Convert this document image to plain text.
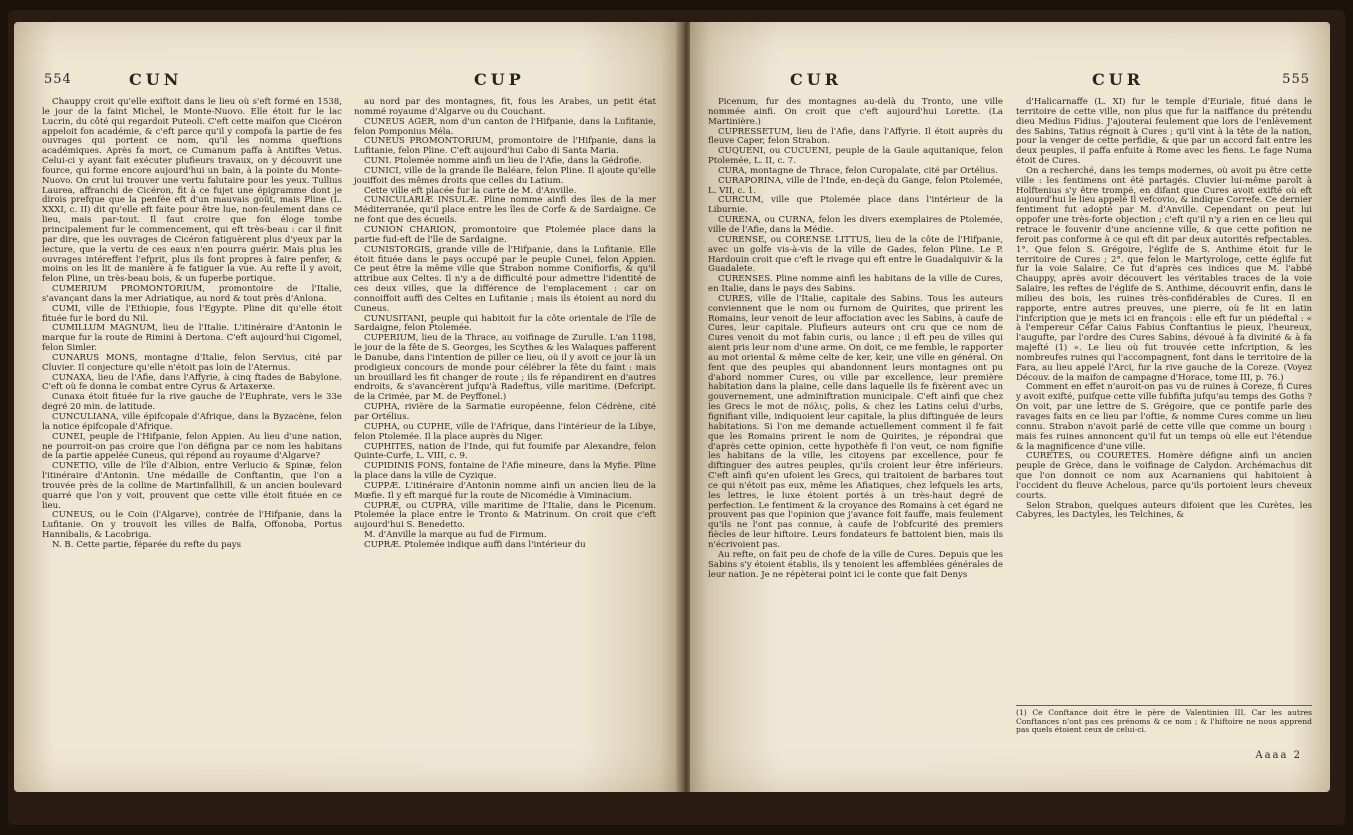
554	CUN	CUP

Chauppy croit qu'elle exiftoit dans le lieu où s'eft formé en 1538, le jour de la faint Michel, le Monte-Nuovo. Elle étoit fur le lac Lucrin, du côté qui regardoit Puteoli. C'eft cette maifon que Cicéron appeloit fon académie, & c'eft parce qu'il y compofa la partie de fes ouvrages qui portent ce nom, qu'il les nomma queftions académiques. Après fa mort, ce Cumanum paffa à Antiftes Vetus. Celui-ci y ayant fait exécuter plufieurs travaux, on y découvrit une fource, qui forme encore aujourd'hui un bain, à la pointe du Monte-Nuovo. On crut lui trouver une vertu falutaire pour les yeux. Tullius Laurea, affranchi de Cicéron, fit à ce fujet une épigramme dont je dirois prefque que la penfée eft d'un mauvais goût, mais Pline (L. XXXI, c. II) dit qu'elle eft faite pour être lue, non-feulement dans ce lieu, mais par-tout. Il faut croire que fon éloge tombe principalement fur le commencement, qui eft très-beau : car il finit par dire, que les ouvrages de Cicéron fatiguèrent plus d'yeux par la lecture, que la vertu de ces eaux n'en pourra guérir. Mais plus les ouvrages intéreffent l'efprit, plus ils font propres à faire penfer, & moins on les lit de manière à fe fatiguer la vue. Au refte il y avoit, felon Pline, un très-beau bois, & un fuperbe portique.

CUMERIUM PROMONTORIUM, promontoire de l'Italie, s'avançant dans la mer Adriatique, au nord & tout près d'Anlona.

CUMI, ville de l'Ethiopie, fous l'Egypte. Pline dit qu'elle étoit fituée fur le bord du Nil.

CUMILLUM MAGNUM, lieu de l'Italie. L'itinéraire d'Antonin le marque fur la route de Rimini à Dertona. C'eft aujourd'hui Cigomel, felon Simler.

CUNARUS MONS, montagne d'Italie, felon Servius, cité par Cluvier. Il conjecture qu'elle n'étoit pas loin de l'Aternus.

CUNAXA, lieu de l'Afie, dans l'Affyrie, à cinq ftades de Babylone. C'eft où fe donna le combat entre Cyrus & Artaxerxe.

Cunaxa étoit fituée fur la rive gauche de l'Euphrate, vers le 33e degré 20 min. de latitude.

CUNCULIANA, ville épifcopale d'Afrique, dans la Byzacène, felon la notice épifcopale d'Afrique.

CUNEI, peuple de l'Hifpanie, felon Appien. Au lieu d'une nation, ne pourroit-on pas croire que l'on défigna par ce nom les habitans de la partie appelée Cuneus, qui répond au royaume d'Algarve?

CUNETIO, ville de l'île d'Albion, entre Verlucio & Spinæ, felon l'itinéraire d'Antonin. Une médaille de Conftantin, que l'on a trouvée près de la colline de Martinfallhill, & un ancien boulevard quarré que l'on y voit, prouvent que cette ville étoit fituée en ce lieu.

CUNEUS, ou le Coin (l'Algarve), contrée de l'Hifpanie, dans la Lufitanie. On y trouvoit les villes de Balfa, Offonoba, Portus Hannibalis, & Lacobriga.

N. B. Cette partie, féparée du refte du pays

au nord par des montagnes, fit, fous les Arabes, un petit état nommé royaume d'Algarve ou du Couchant.

CUNEUS AGER, nom d'un canton de l'Hifpanie, dans la Lufitanie, felon Pomponius Méla.

CUNEUS PROMONTORIUM, promontoire de l'Hifpanie, dans la Lufitanie, felon Pline. C'eft aujourd'hui Cabo di Santa Maria.

CUNI. Ptolemée nomme ainfi un lieu de l'Afie, dans la Gédrofie.

CUNICI, ville de la grande île Baléare, felon Pline. Il ajoute qu'elle jouiffoit des mêmes droits que celles du Latium.

Cette ville eft placée fur la carte de M. d'Anville.

CUNICULARIÆ INSULÆ. Pline nomme ainfi des îles de la mer Méditerranée, qu'il place entre les îles de Corfe & de Sardaigne. Ce ne font que des écueils.

CUNION CHARION, promontoire que Ptolemée place dans la partie fud-eft de l'île de Sardaigne.

CUNISTORGIS, grande ville de l'Hifpanie, dans la Lufitanie. Elle étoit fituée dans le pays occupé par le peuple Cunei, felon Appien. Ce peut être la même ville que Strabon nomme Conifiorfis, & qu'il attribue aux Celtes. Il n'y a de difficulté pour admettre l'identité de ces deux villes, que la différence de l'emplacement : car on connoiffoit auffi des Celtes en Lufitanie ; mais ils étoient au nord du Cuneus.

CUNUSITANI, peuple qui habitoit fur la côte orientale de l'île de Sardaigne, felon Ptolemée.

CUPERIUM, lieu de la Thrace, au voifinage de Zurulle. L'an 1198, le jour de la fête de S. Georges, les Scythes & les Walaques pafferent le Danube, dans l'intention de piller ce lieu, où il y avoit ce jour là un prodigieux concours de monde pour célébrer la fête du faint : mais un brouillard les fit changer de route ; ils fe répandirent en d'autres endroits, & s'avancèrent jufqu'à Radeftus, ville maritime. (Defcript. de la Crimée, par M. de Peyffonel.)

CUPHA, rivière de la Sarmatie européenne, felon Cédrène, cité par Ortélius.

CUPHA, ou CUPHE, ville de l'Afrique, dans l'intérieur de la Libye, felon Ptolemée. Il la place auprès du Niger.

CUPHITES, nation de l'Inde, qui fut foumife par Alexandre, felon Quinte-Curfe, L. VIII, c. 9.

CUPIDINIS FONS, fontaine de l'Afie mineure, dans la Myfie. Pline la place dans la ville de Cyzique.

CUPPÆ. L'itinéraire d'Antonin nomme ainfi un ancien lieu de la Mœfie. Il y eft marqué fur la route de Nicomédie à Viminacium.

CUPRÆ, ou CUPRA, ville maritime de l'Italie, dans le Picenum. Ptolemée la place entre le Tronto & Matrinum. On croit que c'eft aujourd'hui S. Benedetto.

M. d'Anville la marque au fud de Firmum.

CUPRÆ. Ptolemée indique auffi dans l'intérieur du

CUR	CUR	555

Picenum, fur des montagnes au-delà du Tronto, une ville nommée ainfi. On croit que c'eft aujourd'hui Lorette. (La Martinière.)

CUPRESSETUM, lieu de l'Afie, dans l'Affyrie. Il étoit auprès du fleuve Caper, felon Strabon.

CUQUENI, ou CUCUENI, peuple de la Gaule aquitanique, felon Ptolemée, L. II, c. 7.

CURA, montagne de Thrace, felon Curopalate, cité par Ortélius.

CURAPORINA, ville de l'Inde, en-deçà du Gange, felon Ptolemée, L. VII, c. 1.

CURCUM, ville que Ptolemée place dans l'intérieur de la Liburnie.

CURENA, ou CURNA, felon les divers exemplaires de Ptolemée, ville de l'Afie, dans la Médie.

CURENSE, ou CORENSE LITTUS, lieu de la côte de l'Hifpanie, avec un golfe vis-à-vis de la ville de Gades, felon Pline. Le P. Hardouin croit que c'eft le rivage qui eft entre le Guadalquivir & la Guadalete.

CURENSES. Pline nomme ainfi les habitans de la ville de Cures, en Italie, dans le pays des Sabins.

CURES, ville de l'Italie, capitale des Sabins. Tous les auteurs conviennent que le nom ou furnom de Quirites, que prirent les Romains, leur venoit de leur affociation avec les Sabins, à caufe de Cures, leur capitale. Plufieurs auteurs ont cru que ce nom de Cures venoit du mot fabin curis, ou lance ; il eft peu de villes qui aient pris leur nom d'une arme. On doit, ce me femble, le rapporter au mot oriental & même celte de ker, keir, une ville en général. On fent que des peuples qui abandonnent leurs montagnes ont pu d'abord nommer Cures, ou ville par excellence, leur première habitation dans la plaine, celle dans laquelle ils fe fixèrent avec un gouvernement, une adminiftration municipale. C'eft ainfi que chez les Grecs le mot de πόλις, polis, & chez les Latins celui d'urbs, fignifiant ville, indiquoient leur capitale, la plus diftinguée de leurs habitations. Si l'on me demande actuellement comment il fe fait que les Romains prirent le nom de Quirites, je répondrai que d'après cette opinion, cette hypothèfe fi l'on veut, ce nom fignifie les habitans de la ville, les citoyens par excellence, pour fe diftinguer des autres peuples, qu'ils croient leur être inférieurs. C'eft ainfi qu'en ufoient les Grecs, qui traitoient de barbares tout ce qui n'étoit pas eux, même les Afiatiques, chez lefquels les arts, les lettres, le luxe étoient portés à un très-haut degré de perfection. Le fentiment & la croyance des Romains à cet égard ne prouvent pas que l'opinion que j'avance foit fauffe, mais feulement qu'ils ne l'ont pas connue, à caufe de l'obfcurité des premiers fiècles de leur hiftoire. Leurs fondateurs fe battoient bien, mais ils n'écrivoient pas.

Au refte, on fait peu de chofe de la ville de Cures. Depuis que les Sabins s'y étoient établis, ils y tenoient les affemblées générales de leur nation. Je ne répèterai point ici le conte que fait Denys

d'Halicarnaffe (L. XI) fur le temple d'Euriale, fitué dans le territoire de cette ville, non plus que fur la naiffance du prétendu dieu Medius Fidius. J'ajouterai feulement que lors de l'enlèvement des Sabins, Tatius régnoit à Cures ; qu'il vint à la tête de la nation, pour la venger de cette perfidie, & que par un accord fait entre les deux peuples, il paffa enfuite à Rome avec les fiens. Le fage Numa étoit de Cures.

On a recherché, dans les temps modernes, où avoit pu être cette ville : les fentimens ont été partagés. Cluvier lui-même paroît à Holftenius s'y être trompé, en difant que Cures avoit exifté où eft aujourd'hui le lieu appelé Il vefcovio, & indique Correfe. Ce dernier fentiment fut adopté par M. d'Anville. Cependant on peut lui oppofer une très-forte objection ; c'eft qu'il n'y a rien en ce lieu qui retrace le fouvenir d'une ancienne ville, & que cette pofition ne feroit pas conforme à ce qui eft dit par deux autorités refpectables. 1°. Que felon S. Grégoire, l'églife de S. Anthime étoit fur le territoire de Cures ; 2°. que felon le Martyrologe, cette églife fut fur la voie Salaire. Ce fut d'après ces indices que M. l'abbé Chauppy, après avoir découvert les véritables traces de la voie Salaire, les reftes de l'églife de S. Anthime, découvrit enfin, dans le milieu des bois, les ruines très-confidérables de Cures. Il en rapporte, entre autres preuves, une pierre, où fe lit en latin l'infcription que je mets ici en françois : elle eft fur un piédeftal : « à l'empereur Céfar Caius Fabius Conftantius le pieux, l'heureux, l'augufte, par l'ordre des Cures Sabins, dévoué à fa divinité & à fa majefté (1) ». Le lieu où fut trouvée cette infcription, & les nombreufes ruines qui l'accompagnent, font dans le territoire de la Fara, au lieu appelé l'Arci, fur la rive gauche de la Coreze. (Voyez Découv. de la maifon de campagne d'Horace, tome III, p. 76.)

Comment en effet n'auroit-on pas vu de ruines à Coreze, fi Cures y avoit exifté, puifque cette ville fubfifta jufqu'au temps des Goths ? On voit, par une lettre de S. Grégoire, que ce pontife parle des ravages faits en ce lieu par l'oftie, & nomme Cures comme un lieu connu. Strabon n'avoit parlé de cette ville que comme un bourg : mais fes ruines annoncent qu'il fut un temps où elle eut l'étendue & la magnificence d'une ville.

CURETES, ou COURETES. Homère défigne ainfi un ancien peuple de Grèce, dans le voifinage de Calydon. Archémachus dit que l'on donnoit ce nom aux Acarnaniens qui habitoient à l'occident du fleuve Achelous, parce qu'ils portoient leurs cheveux courts.

Selon Strabon, quelques auteurs difoient que les Curètes, les Cabyres, les Dactyles, les Telchines, &

(1) Ce Conftance doit être le père de Valentinien III. Car les autres Conftances n'ont pas ces prénoms & ce nom ; & l'hiftoire ne nous apprend pas quels étoient ceux de celui-ci.
Aaaa 2
